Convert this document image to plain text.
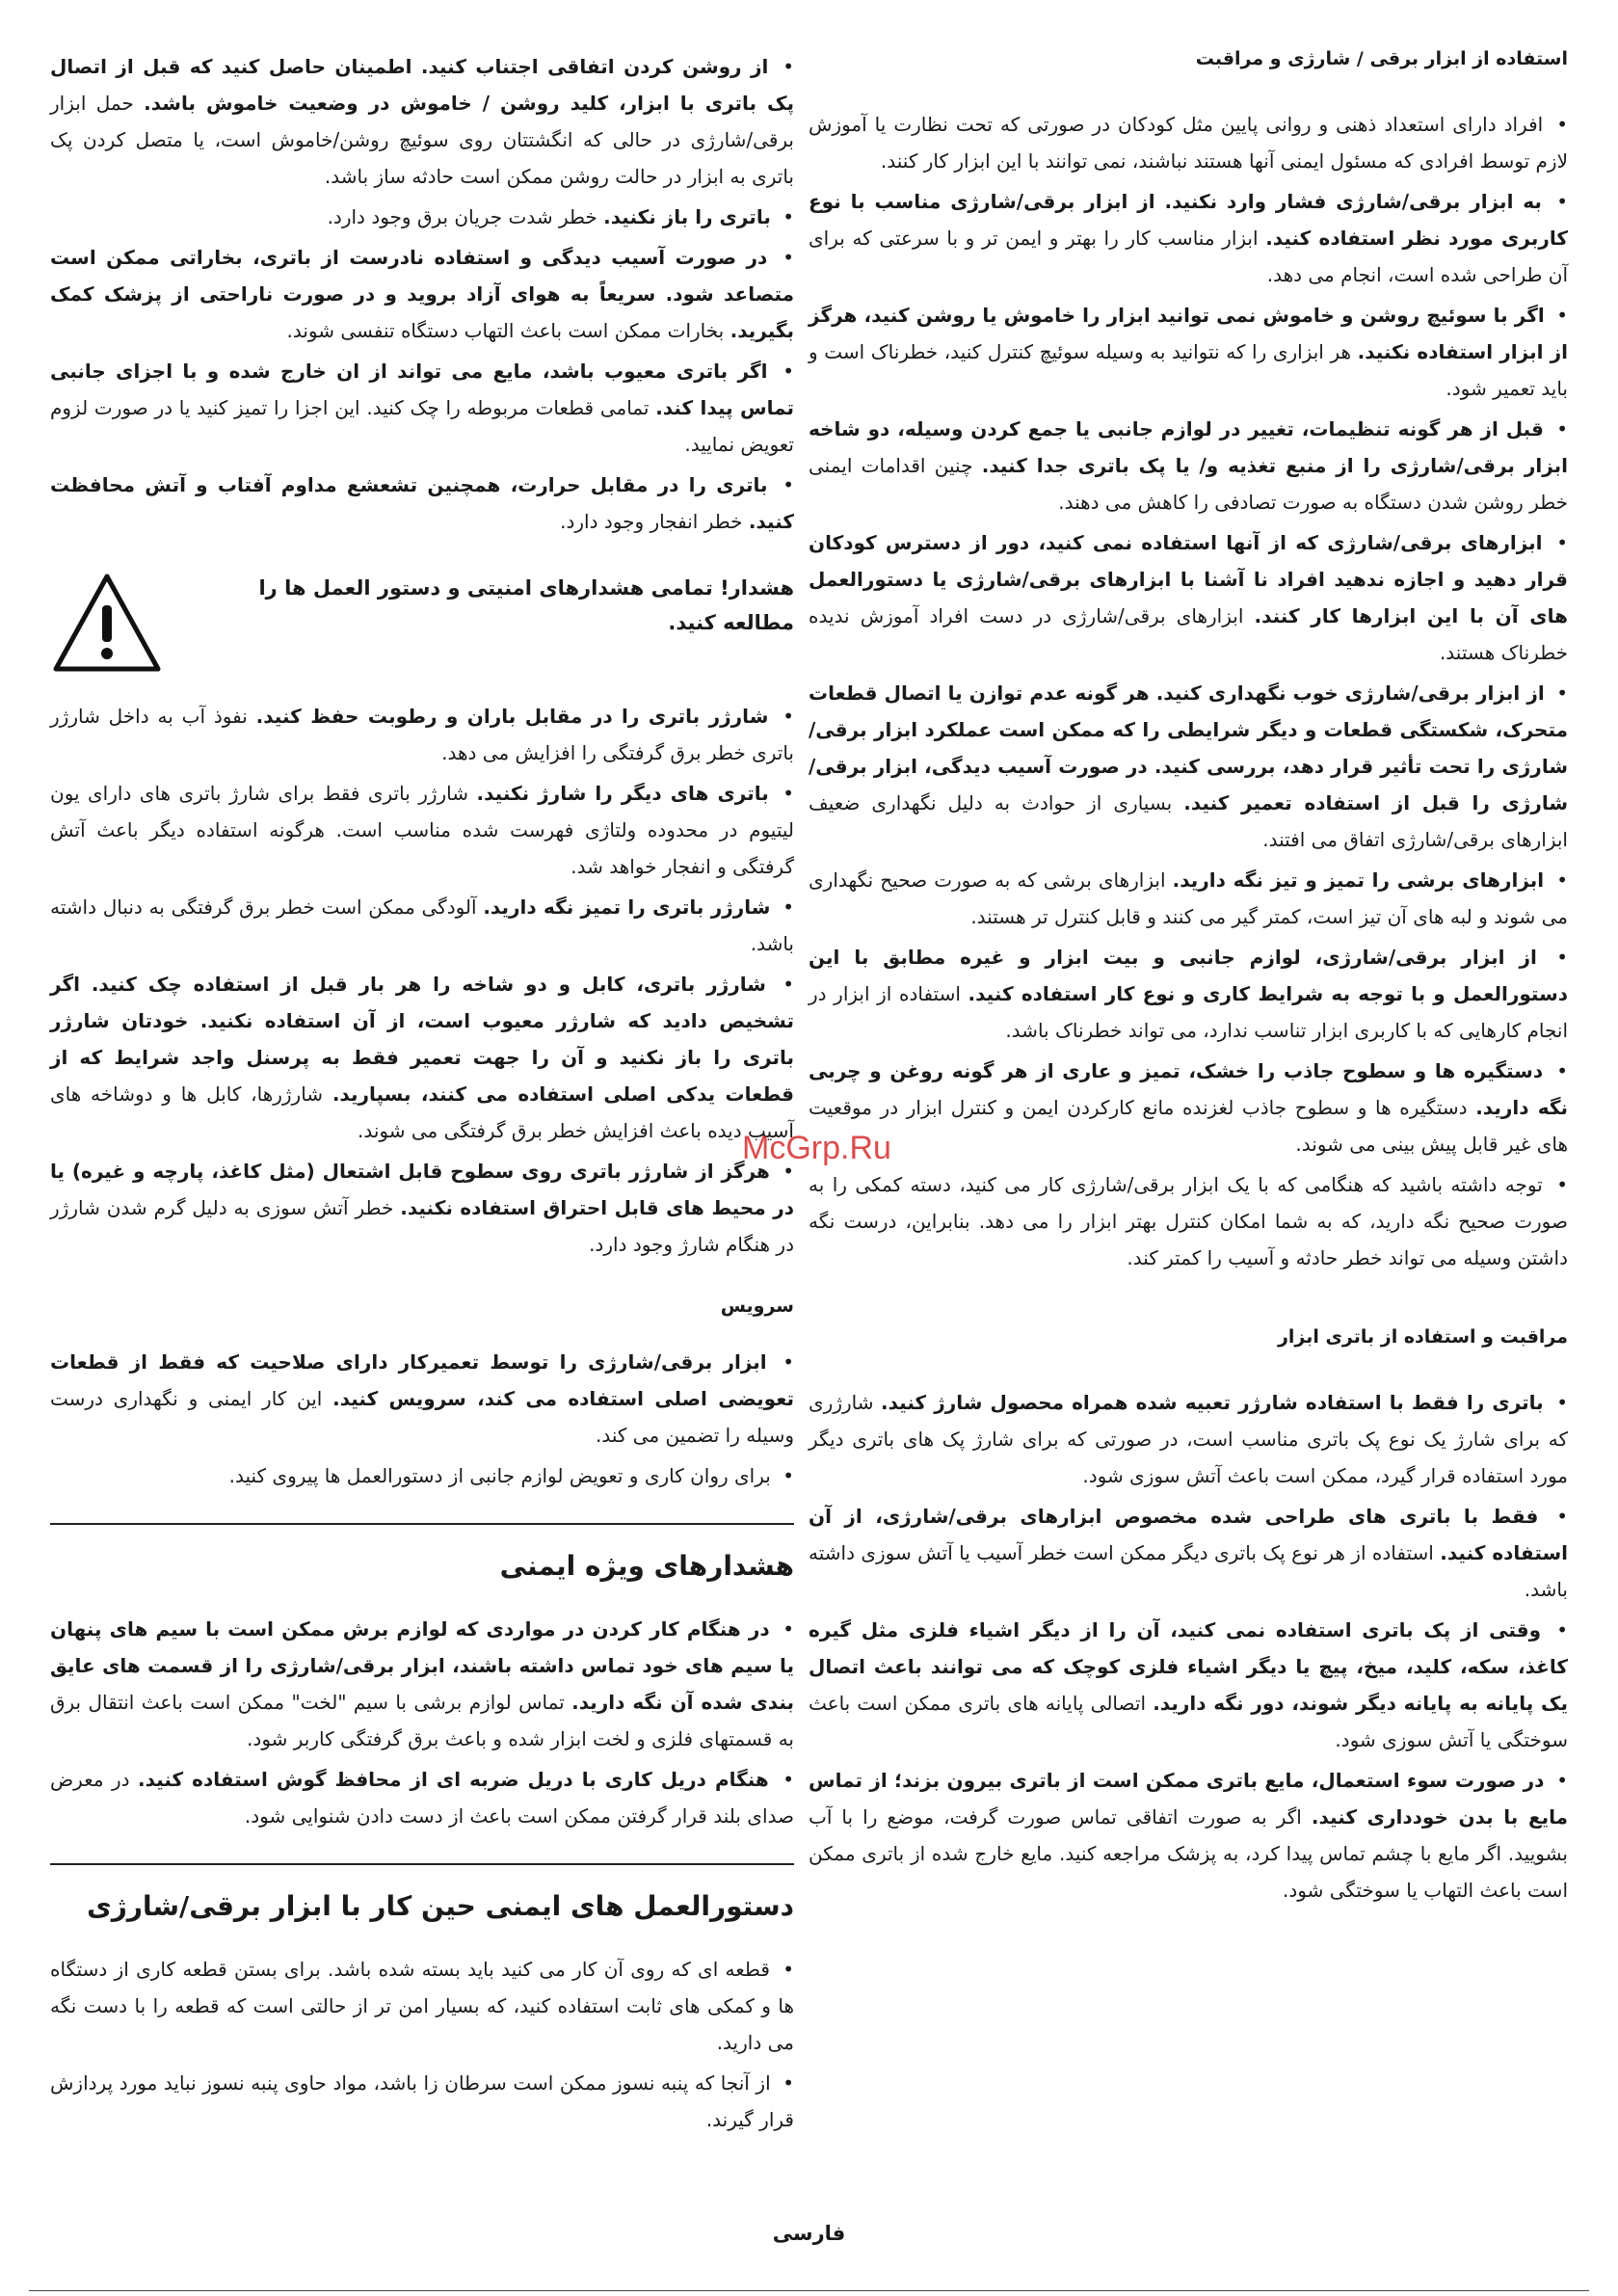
استفاده از ابزار برقی / شارژی و مراقبت

• افراد دارای استعداد ذهنی و روانی پایین مثل کودکان در صورتی که تحت نظارت یا آموزش لازم توسط افرادی که مسئول ایمنی آنها هستند نباشند، نمی توانند با این ابزار کار کنند.

• به ابزار برقی/شارژی فشار وارد نکنید. از ابزار برقی/شارژی مناسب با نوع کاربری مورد نظر استفاده کنید. ابزار مناسب کار را بهتر و ایمن تر و با سرعتی که برای آن طراحی شده است، انجام می دهد.

• اگر با سوئیچ روشن و خاموش نمی توانید ابزار را خاموش یا روشن کنید، هرگز از ابزار استفاده نکنید. هر ابزاری را که نتوانید به وسیله سوئیچ کنترل کنید، خطرناک است و باید تعمیر شود.

• قبل از هر گونه تنظیمات، تغییر در لوازم جانبی یا جمع کردن وسیله، دو شاخه ابزار برقی/شارژی را از منبع تغذیه و/ یا پک باتری جدا کنید. چنین اقدامات ایمنی خطر روشن شدن دستگاه به صورت تصادفی را کاهش می دهند.

• ابزارهای برقی/شارژی که از آنها استفاده نمی کنید، دور از دسترس کودکان قرار دهید و اجازه ندهید افراد نا آشنا با ابزارهای برقی/شارژی یا دستورالعمل های آن با این ابزارها کار کنند. ابزارهای برقی/شارژی در دست افراد آموزش ندیده خطرناک هستند.

• از ابزار برقی/شارژی خوب نگهداری کنید. هر گونه عدم توازن یا اتصال قطعات متحرک، شکستگی قطعات و دیگر شرایطی را که ممکن است عملکرد ابزار برقی/شارژی را تحت تأثیر قرار دهد، بررسی کنید. در صورت آسیب دیدگی، ابزار برقی/شارژی را قبل از استفاده تعمیر کنید. بسیاری از حوادث به دلیل نگهداری ضعیف ابزارهای برقی/شارژی اتفاق می افتند.

• ابزارهای برشی را تمیز و تیز نگه دارید. ابزارهای برشی که به صورت صحیح نگهداری می شوند و لبه های آن تیز است، کمتر گیر می کنند و قابل کنترل تر هستند.

• از ابزار برقی/شارژی، لوازم جانبی و بیت ابزار و غیره مطابق با این دستورالعمل و با توجه به شرایط کاری و نوع کار استفاده کنید. استفاده از ابزار در انجام کارهایی که با کاربری ابزار تناسب ندارد، می تواند خطرناک باشد.

• دستگیره ها و سطوح جاذب را خشک، تمیز و عاری از هر گونه روغن و چربی نگه دارید. دستگیره ها و سطوح جاذب لغزنده مانع کارکردن ایمن و کنترل ابزار در موقعیت های غیر قابل پیش بینی می شوند.

• توجه داشته باشید که هنگامی که با یک ابزار برقی/شارژی کار می کنید، دسته کمکی را به صورت صحیح نگه دارید، که به شما امکان کنترل بهتر ابزار را می دهد. بنابراین، درست نگه داشتن وسیله می تواند خطر حادثه و آسیب را کمتر کند.

مراقبت و استفاده از باتری ابزار

• باتری را فقط با استفاده شارژر تعبیه شده همراه محصول شارژ کنید. شارژری که برای شارژ یک نوع پک باتری مناسب است، در صورتی که برای شارژ پک های باتری دیگر مورد استفاده قرار گیرد، ممکن است باعث آتش سوزی شود.

• فقط با باتری های طراحی شده مخصوص ابزارهای برقی/شارژی، از آن استفاده کنید. استفاده از هر نوع پک باتری دیگر ممکن است خطر آسیب یا آتش سوزی داشته باشد.

• وقتی از پک باتری استفاده نمی کنید، آن را از دیگر اشیاء فلزی مثل گیره کاغذ، سکه، کلید، میخ، پیچ یا دیگر اشیاء فلزی کوچک که می توانند باعث اتصال یک پایانه به پایانه دیگر شوند، دور نگه دارید. اتصالی پایانه های باتری ممکن است باعث سوختگی یا آتش سوزی شود.

• در صورت سوء استعمال، مایع باتری ممکن است از باتری بیرون بزند؛ از تماس مایع با بدن خودداری کنید. اگر به صورت اتفاقی تماس صورت گرفت، موضع را با آب بشویید. اگر مایع با چشم تماس پیدا کرد، به پزشک مراجعه کنید. مایع خارج شده از باتری ممکن است باعث التهاب یا سوختگی شود.

• از روشن کردن اتفاقی اجتناب کنید. اطمینان حاصل کنید که قبل از اتصال پک باتری با ابزار، کلید روشن / خاموش در وضعیت خاموش باشد. حمل ابزار برقی/شارژی در حالی که انگشتتان روی سوئیچ روشن/خاموش است، یا متصل کردن پک باتری به ابزار در حالت روشن ممکن است حادثه ساز باشد.

• باتری را باز نکنید. خطر شدت جریان برق وجود دارد.

• در صورت آسیب دیدگی و استفاده نادرست از باتری، بخاراتی ممکن است متصاعد شود. سریعاً به هوای آزاد بروید و در صورت ناراحتی از پزشک کمک بگیرید. بخارات ممکن است باعث التهاب دستگاه تنفسی شوند.

• اگر باتری معیوب باشد، مایع می تواند از ان خارج شده و با اجزای جانبی تماس پیدا کند. تمامی قطعات مربوطه را چک کنید. این اجزا را تمیز کنید یا در صورت لزوم تعویض نمایید.

• باتری را در مقابل حرارت، همچنین تشعشع مداوم آفتاب و آتش محافظت کنید. خطر انفجار وجود دارد.

هشدار! تمامی هشدارهای امنیتی و دستور العمل ها را مطالعه کنید.

• شارژر باتری را در مقابل باران و رطوبت حفظ کنید. نفوذ آب به داخل شارژر باتری خطر برق گرفتگی را افزایش می دهد.

• باتری های دیگر را شارژ نکنید. شارژر باتری فقط برای شارژ باتری های دارای یون لیتیوم در محدوده ولتاژی فهرست شده مناسب است. هرگونه استفاده دیگر باعث آتش گرفتگی و انفجار خواهد شد.

• شارژر باتری را تمیز نگه دارید. آلودگی ممکن است خطر برق گرفتگی به دنبال داشته باشد.

• شارژر باتری، کابل و دو شاخه را هر بار قبل از استفاده چک کنید. اگر تشخیص دادید که شارژر معیوب است، از آن استفاده نکنید. خودتان شارژر باتری را باز نکنید و آن را جهت تعمیر فقط به پرسنل واجد شرایط که از قطعات یدکی اصلی استفاده می کنند، بسپارید. شارژرها، کابل ها و دوشاخه های آسیب دیده باعث افزایش خطر برق گرفتگی می شوند.

• هرگز از شارژر باتری روی سطوح قابل اشتعال (مثل کاغذ، پارچه و غیره) یا در محیط های قابل احتراق استفاده نکنید. خطر آتش سوزی به دلیل گرم شدن شارژر در هنگام شارژ وجود دارد.

سرویس

• ابزار برقی/شارژی را توسط تعمیرکار دارای صلاحیت که فقط از قطعات تعویضی اصلی استفاده می کند، سرویس کنید. این کار ایمنی و نگهداری درست وسیله را تضمین می کند.

• برای روان کاری و تعویض لوازم جانبی از دستورالعمل ها پیروی کنید.

هشدارهای ویژه ایمنی

• در هنگام کار کردن در مواردی که لوازم برش ممکن است با سیم های پنهان یا سیم های خود تماس داشته باشند، ابزار برقی/شارژی را از قسمت های عایق بندی شده آن نگه دارید. تماس لوازم برشی با سیم "لخت" ممکن است باعث انتقال برق به قسمتهای فلزی و لخت ابزار شده و باعث برق گرفتگی کاربر شود.

• هنگام دریل کاری با دریل ضربه ای از محافظ گوش استفاده کنید. در معرض صدای بلند قرار گرفتن ممکن است باعث از دست دادن شنوایی شود.

دستورالعمل های ایمنی حین کار با ابزار برقی/شارژی

• قطعه ای که روی آن کار می کنید باید بسته شده باشد. برای بستن قطعه کاری از دستگاه ها و کمکی های ثابت استفاده کنید، که بسیار امن تر از حالتی است که قطعه را با دست نگه می دارید.

• از آنجا که پنبه نسوز ممکن است سرطان زا باشد، مواد حاوی پنبه نسوز نباید مورد پردازش قرار گیرند.

McGrp.Ru
فارسی
